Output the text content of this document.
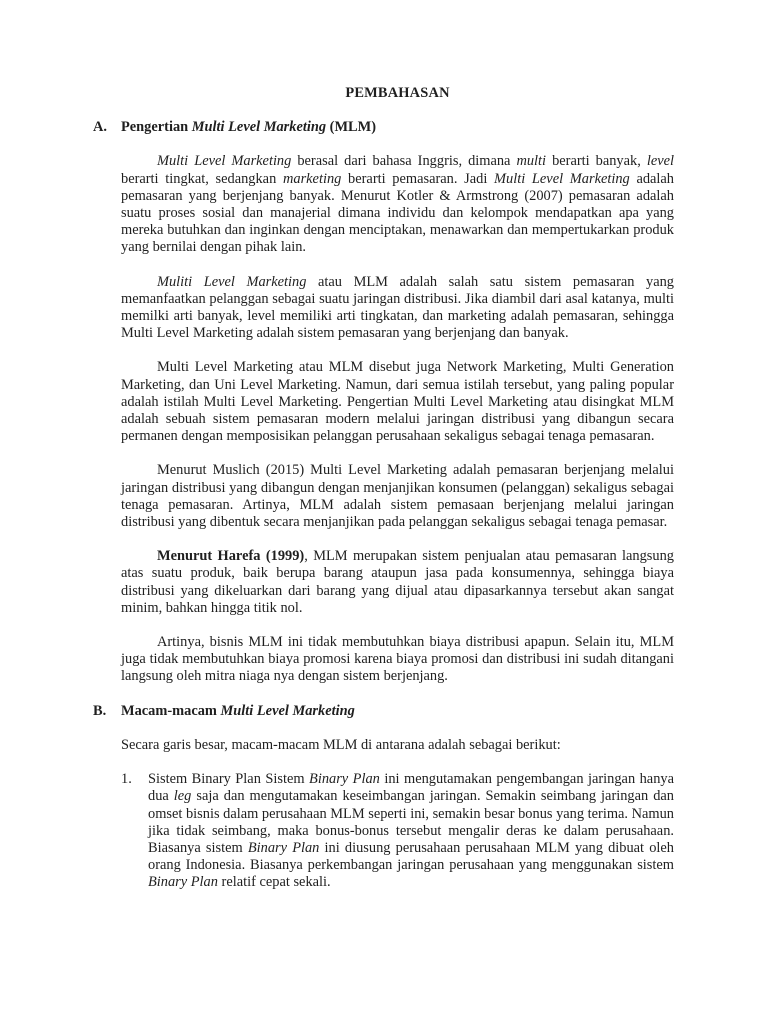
PEMBAHASAN
A. Pengertian Multi Level Marketing (MLM)

Multi Level Marketing berasal dari bahasa Inggris, dimana multi berarti banyak, level berarti tingkat, sedangkan marketing berarti pemasaran. Jadi Multi Level Marketing adalah pemasaran yang berjenjang banyak. Menurut Kotler & Armstrong (2007) pemasaran adalah suatu proses sosial dan manajerial dimana individu dan kelompok mendapatkan apa yang mereka butuhkan dan inginkan dengan menciptakan, menawarkan dan mempertukarkan produk yang bernilai dengan pihak lain.

Muliti Level Marketing atau MLM adalah salah satu sistem pemasaran yang memanfaatkan pelanggan sebagai suatu jaringan distribusi. Jika diambil dari asal katanya, multi memilki arti banyak, level memiliki arti tingkatan, dan marketing adalah pemasaran, sehingga Multi Level Marketing adalah sistem pemasaran yang berjenjang dan banyak.

Multi Level Marketing atau MLM disebut juga Network Marketing, Multi Generation Marketing, dan Uni Level Marketing. Namun, dari semua istilah tersebut, yang paling popular adalah istilah Multi Level Marketing. Pengertian Multi Level Marketing atau disingkat MLM adalah sebuah sistem pemasaran modern melalui jaringan distribusi yang dibangun secara permanen dengan memposisikan pelanggan perusahaan sekaligus sebagai tenaga pemasaran.

Menurut Muslich (2015) Multi Level Marketing adalah pemasaran berjenjang melalui jaringan distribusi yang dibangun dengan menjanjikan konsumen (pelanggan) sekaligus sebagai tenaga pemasaran. Artinya, MLM adalah sistem pemasaan berjenjang melalui jaringan distribusi yang dibentuk secara menjanjikan pada pelanggan sekaligus sebagai tenaga pemasar.

Menurut Harefa (1999), MLM merupakan sistem penjualan atau pemasaran langsung atas suatu produk, baik berupa barang ataupun jasa pada konsumennya, sehingga biaya distribusi yang dikeluarkan dari barang yang dijual atau dipasarkannya tersebut akan sangat minim, bahkan hingga titik nol.

Artinya, bisnis MLM ini tidak membutuhkan biaya distribusi apapun. Selain itu, MLM juga tidak membutuhkan biaya promosi karena biaya promosi dan distribusi ini sudah ditangani langsung oleh mitra niaga nya dengan sistem berjenjang.

B. Macam-macam Multi Level Marketing

Secara garis besar, macam-macam MLM di antarana adalah sebagai berikut:

1. Sistem Binary Plan Sistem Binary Plan ini mengutamakan pengembangan jaringan hanya dua leg saja dan mengutamakan keseimbangan jaringan. Semakin seimbang jaringan dan omset bisnis dalam perusahaan MLM seperti ini, semakin besar bonus yang terima. Namun jika tidak seimbang, maka bonus-bonus tersebut mengalir deras ke dalam perusahaan. Biasanya sistem Binary Plan ini diusung perusahaan perusahaan MLM yang dibuat oleh orang Indonesia. Biasanya perkembangan jaringan perusahaan yang menggunakan sistem Binary Plan relatif cepat sekali.
